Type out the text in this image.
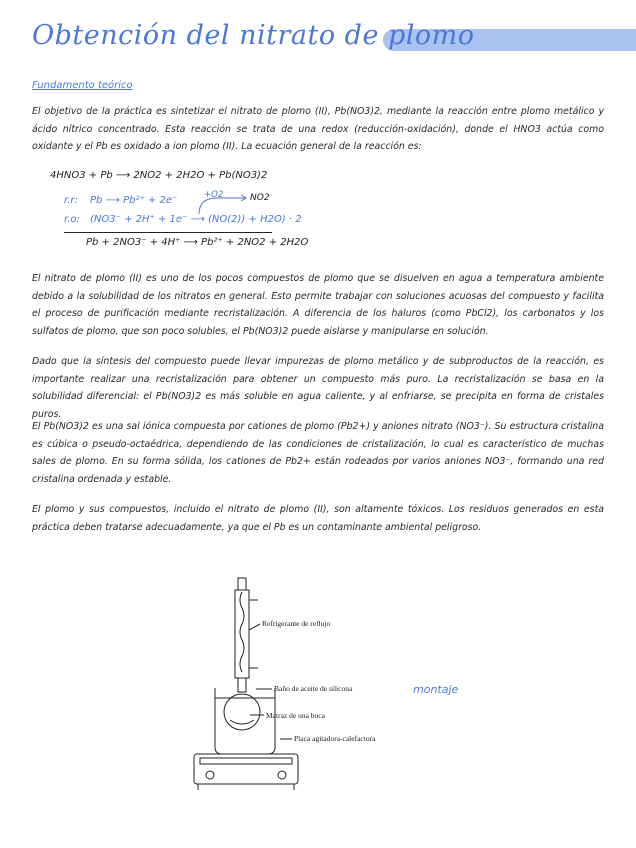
Obtención del nitrato de plomo
Fundamento teórico
El objetivo de la práctica es sintetizar el nitrato de plomo (II), Pb(NO3)2, mediante la reacción entre plomo metálico y ácido nítrico concentrado. Esta reacción se trata de una redox (reducción-oxidación), donde el HNO3 actúa como oxidante y el Pb es oxidado a ion plomo (II). La ecuación general de la reacción es:
4HNO3 + Pb ⟶ 2NO2 + 2H2O + Pb(NO3)2
+O2	NO2
r.r: Pb ⟶ Pb²⁺ + 2e⁻
r.o: (NO3⁻ + 2H⁺ + 1e⁻ ⟶ (NO(2)) + H2O) · 2
Pb + 2NO3⁻ + 4H⁺ ⟶ Pb²⁺ + 2NO2 + 2H2O
El nitrato de plomo (II) es uno de los pocos compuestos de plomo que se disuelven en agua a temperatura ambiente debido a la solubilidad de los nitratos en general. Esto permite trabajar con soluciones acuosas del compuesto y facilita el proceso de purificación mediante recristalización. A diferencia de los haluros (como PbCl2), los carbonatos y los sulfatos de plomo, que son poco solubles, el Pb(NO3)2 puede aislarse y manipularse en solución.
Dado que la síntesis del compuesto puede llevar impurezas de plomo metálico y de subproductos de la reacción, es importante realizar una recristalización para obtener un compuesto más puro. La recristalización se basa en la solubilidad diferencial: el Pb(NO3)2 es más soluble en agua caliente, y al enfriarse, se precipita en forma de cristales puros.
El Pb(NO3)2 es una sal iónica compuesta por cationes de plomo (Pb2+) y aniones nitrato (NO3⁻). Su estructura cristalina es cúbica o pseudo-octaédrica, dependiendo de las condiciones de cristalización, lo cual es característico de muchas sales de plomo. En su forma sólida, los cationes de Pb2+ están rodeados por varios aniones NO3⁻, formando una red cristalina ordenada y estable.
El plomo y sus compuestos, incluido el nitrato de plomo (II), son altamente tóxicos. Los residuos generados en esta práctica deben tratarse adecuadamente, ya que el Pb es un contaminante ambiental peligroso.
Refrigerante de reflujo
Baño de aceite de silicona
Matraz de una boca
Placa agitadora-calefactora
montaje
